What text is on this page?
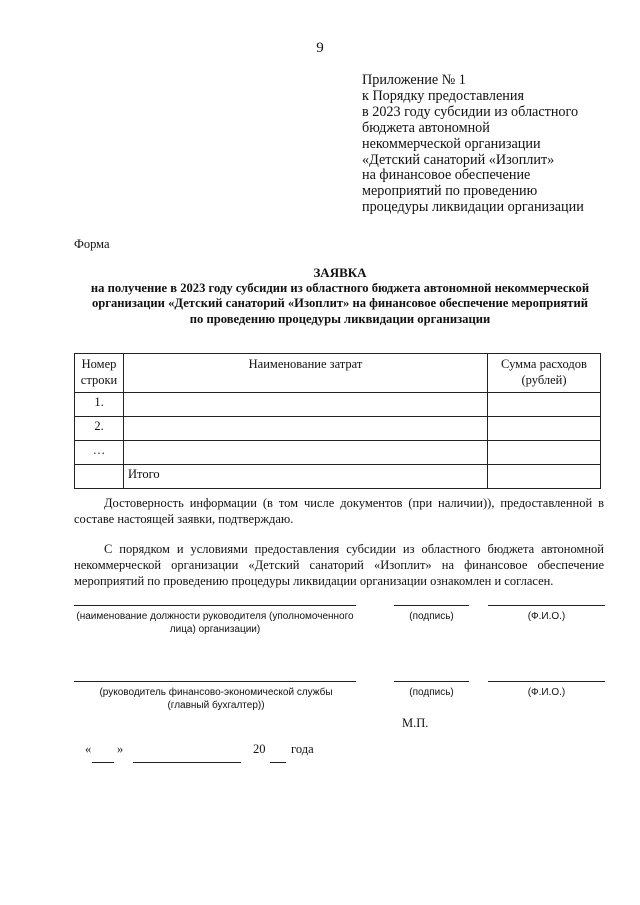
9
Приложение № 1
к Порядку предоставления
в 2023 году субсидии из областного
бюджета автономной
некоммерческой организации
«Детский санаторий «Изоплит»
на финансовое обеспечение
мероприятий по проведению
процедуры ликвидации организации
Форма
ЗАЯВКА
на получение в 2023 году субсидии из областного бюджета автономной некоммерческой
организации «Детский санаторий «Изоплит» на финансовое обеспечение мероприятий
по проведению процедуры ликвидации организации
Номер строки	Наименование затрат	Сумма расходов (рублей)
1.		
2.		
…		
	Итого	
Достоверность информации (в том числе документов (при наличии)), предоставленной в составе настоящей заявки, подтверждаю.
С порядком и условиями предоставления субсидии из областного бюджета автономной некоммерческой организации «Детский санаторий «Изоплит» на финансовое обеспечение мероприятий по проведению процедуры ликвидации организации ознакомлен и согласен.
(наименование должности руководителя (уполномоченного лица) организации)
(подпись)	(Ф.И.О.)
(руководитель финансово-экономической службы (главный бухгалтер))
(подпись)	(Ф.И.О.)
М.П.
« »	20 года
